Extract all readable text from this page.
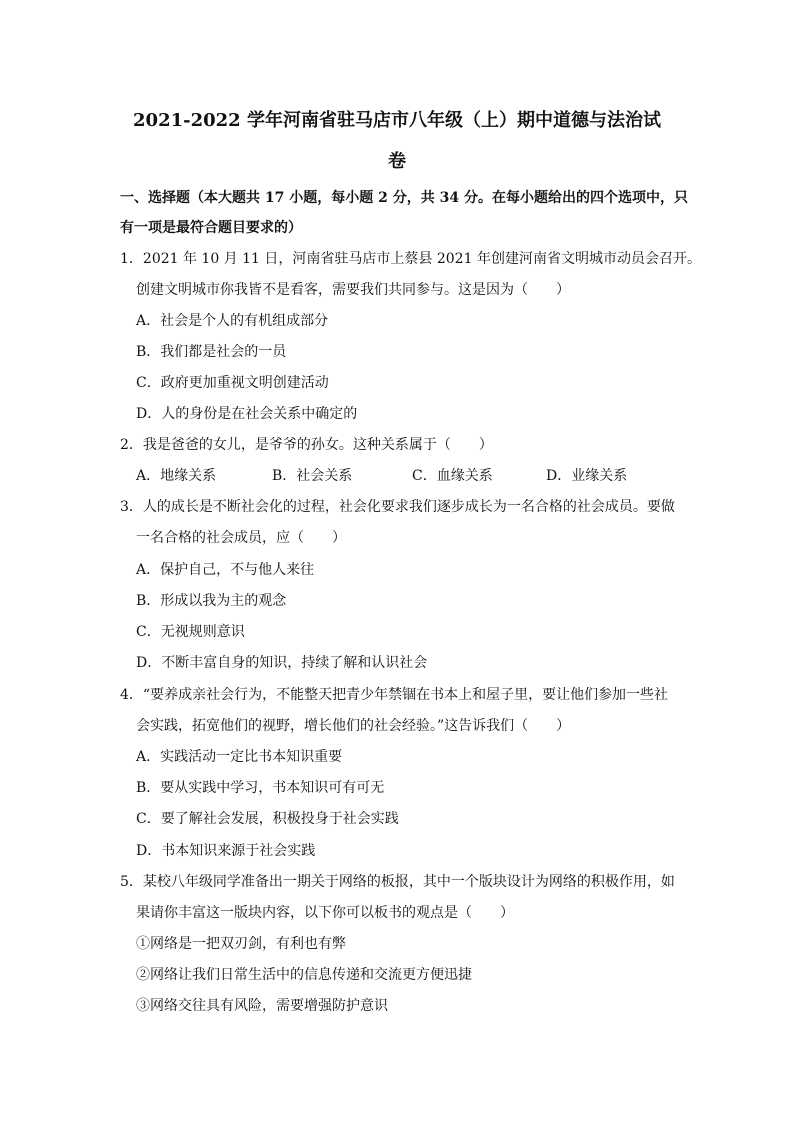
2021-2022 学年河南省驻马店市八年级（上）期中道德与法治试
卷
一、选择题（本大题共 17 小题，每小题 2 分，共 34 分。在每小题给出的四个选项中，只
有一项是最符合题目要求的）
1．2021 年 10 月 11 日，河南省驻马店市上蔡县 2021 年创建河南省文明城市动员会召开。
创建文明城市你我皆不是看客，需要我们共同参与。这是因为（　　）
A．社会是个人的有机组成部分
B．我们都是社会的一员
C．政府更加重视文明创建活动
D．人的身份是在社会关系中确定的
2．我是爸爸的女儿，是爷爷的孙女。这种关系属于（　　）
A．地缘关系	B．社会关系	C．血缘关系	D．业缘关系
3．人的成长是不断社会化的过程，社会化要求我们逐步成长为一名合格的社会成员。要做
一名合格的社会成员，应（　　）
A．保护自己，不与他人来往
B．形成以我为主的观念
C．无视规则意识
D．不断丰富自身的知识，持续了解和认识社会
4．“要养成亲社会行为，不能整天把青少年禁锢在书本上和屋子里，要让他们参加一些社
会实践，拓宽他们的视野，增长他们的社会经验。”这告诉我们（　　）
A．实践活动一定比书本知识重要
B．要从实践中学习，书本知识可有可无
C．要了解社会发展，积极投身于社会实践
D．书本知识来源于社会实践
5．某校八年级同学准备出一期关于网络的板报，其中一个版块设计为网络的积极作用，如
果请你丰富这一版块内容，以下你可以板书的观点是（　　）
①网络是一把双刃剑，有利也有弊
②网络让我们日常生活中的信息传递和交流更方便迅捷
③网络交往具有风险，需要增强防护意识
